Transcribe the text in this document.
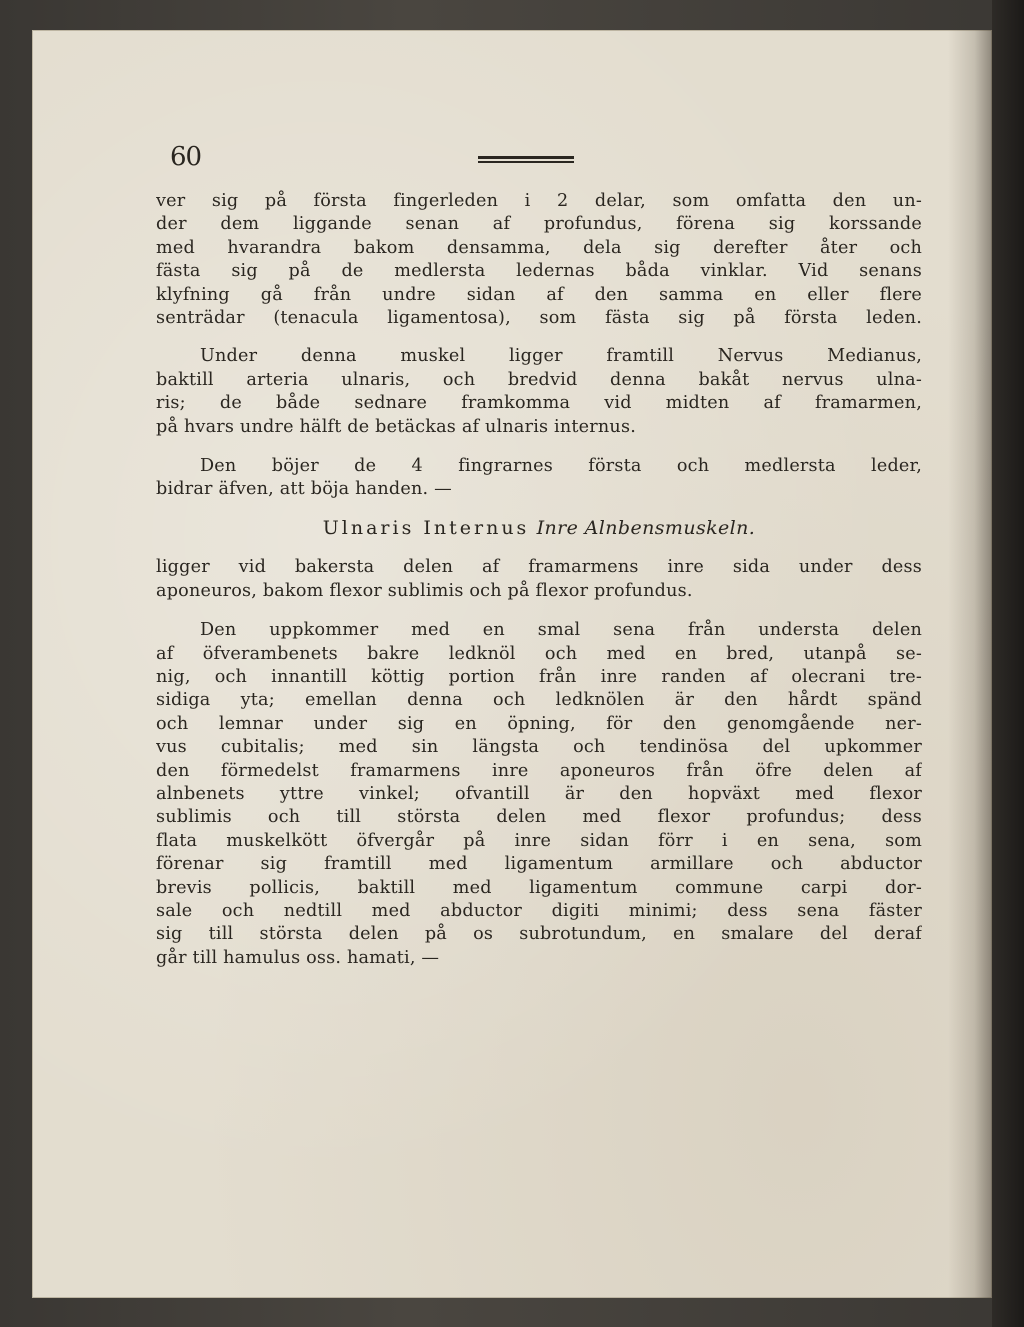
60
ver sig på första fingerleden i 2 delar, som omfatta den un-
der dem liggande senan af profundus, förena sig korssande
med hvarandra bakom densamma, dela sig derefter åter och
fästa sig på de medlersta ledernas båda vinklar. Vid senans
klyfning gå från undre sidan af den samma en eller flere
senträdar (tenacula ligamentosa), som fästa sig på första leden.
Under denna muskel ligger framtill Nervus Medianus,
baktill arteria ulnaris, och bredvid denna bakåt nervus ulna-
ris; de både sednare framkomma vid midten af framarmen,
på hvars undre hälft de betäckas af ulnaris internus.
Den böjer de 4 fingrarnes första och medlersta leder,
bidrar äfven, att böja handen. —
Ulnaris Internus Inre Alnbensmuskeln.
ligger vid bakersta delen af framarmens inre sida under dess
aponeuros, bakom flexor sublimis och på flexor profundus.
Den uppkommer med en smal sena från understa delen
af öfverambenets bakre ledknöl och med en bred, utanpå se-
nig, och innantill köttig portion från inre randen af olecrani tre-
sidiga yta; emellan denna och ledknölen är den hårdt spänd
och lemnar under sig en öpning, för den genomgående ner-
vus cubitalis; med sin längsta och tendinösa del upkommer
den förmedelst framarmens inre aponeuros från öfre delen af
alnbenets yttre vinkel; ofvantill är den hopväxt med flexor
sublimis och till största delen med flexor profundus; dess
flata muskelkött öfvergår på inre sidan förr i en sena, som
förenar sig framtill med ligamentum armillare och abductor
brevis pollicis, baktill med ligamentum commune carpi dor-
sale och nedtill med abductor digiti minimi; dess sena fäster
sig till största delen på os subrotundum, en smalare del deraf
går till hamulus oss. hamati, —
